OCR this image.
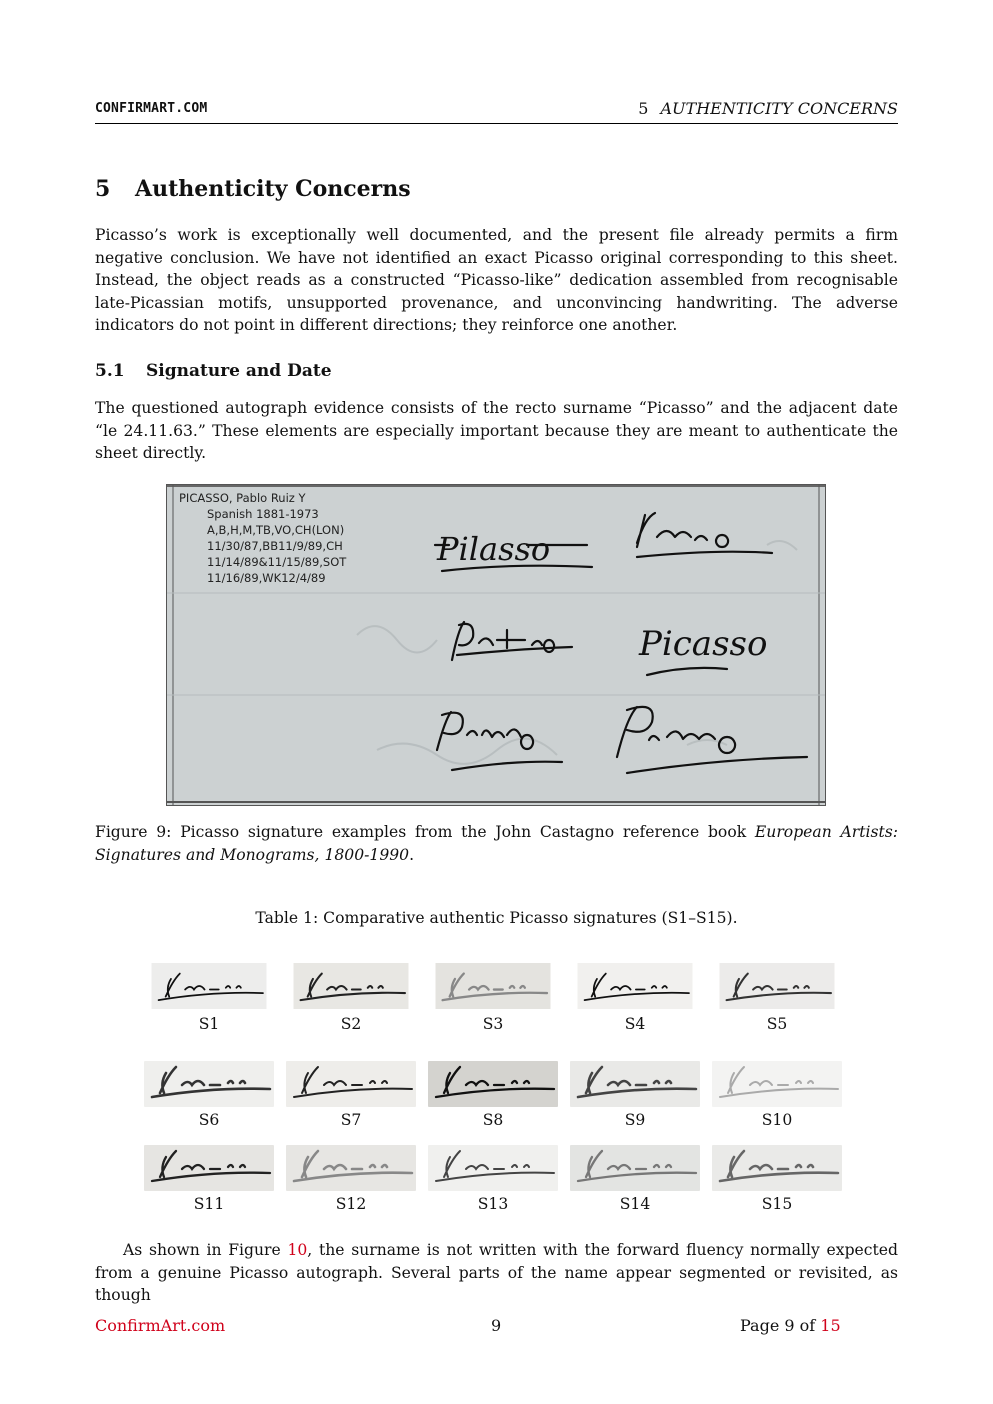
CONFIRMART.COM	5 AUTHENTICITY CONCERNS
5 Authenticity Concerns

Picasso’s work is exceptionally well documented, and the present file already permits a firm negative conclusion. We have not identified an exact Picasso original corresponding to this sheet. Instead, the object reads as a constructed “Picasso-like” dedication assembled from recognisable late-Picassian motifs, unsupported provenance, and unconvincing handwriting. The adverse indicators do not point in different directions; they reinforce one another.

5.1 Signature and Date

The questioned autograph evidence consists of the recto surname “Picasso” and the adjacent date “le 24.11.63.” These elements are especially important because they are meant to authenticate the sheet directly.

PICASSO, Pablo Ruiz Y
Spanish 1881-1973
A,B,H,M,TB,VO,CH(LON)
11/30/87,BB11/9/89,CH
11/14/89&11/15/89,SOT
11/16/89,WK12/4/89
Pilasso
Picasso

Figure 9: Picasso signature examples from the John Castagno reference book European Artists: Signatures and Monograms, 1800-1990.

Table 1: Comparative authentic Picasso signatures (S1–S15).
S1	S2	S3	S4	S5
S6	S7	S8	S9	S10
S11	S12	S13	S14	S15

As shown in Figure 10, the surname is not written with the forward fluency normally expected from a genuine Picasso autograph. Several parts of the name appear segmented or revisited, as though

ConfirmArt.com	9	Page 9 of 15
